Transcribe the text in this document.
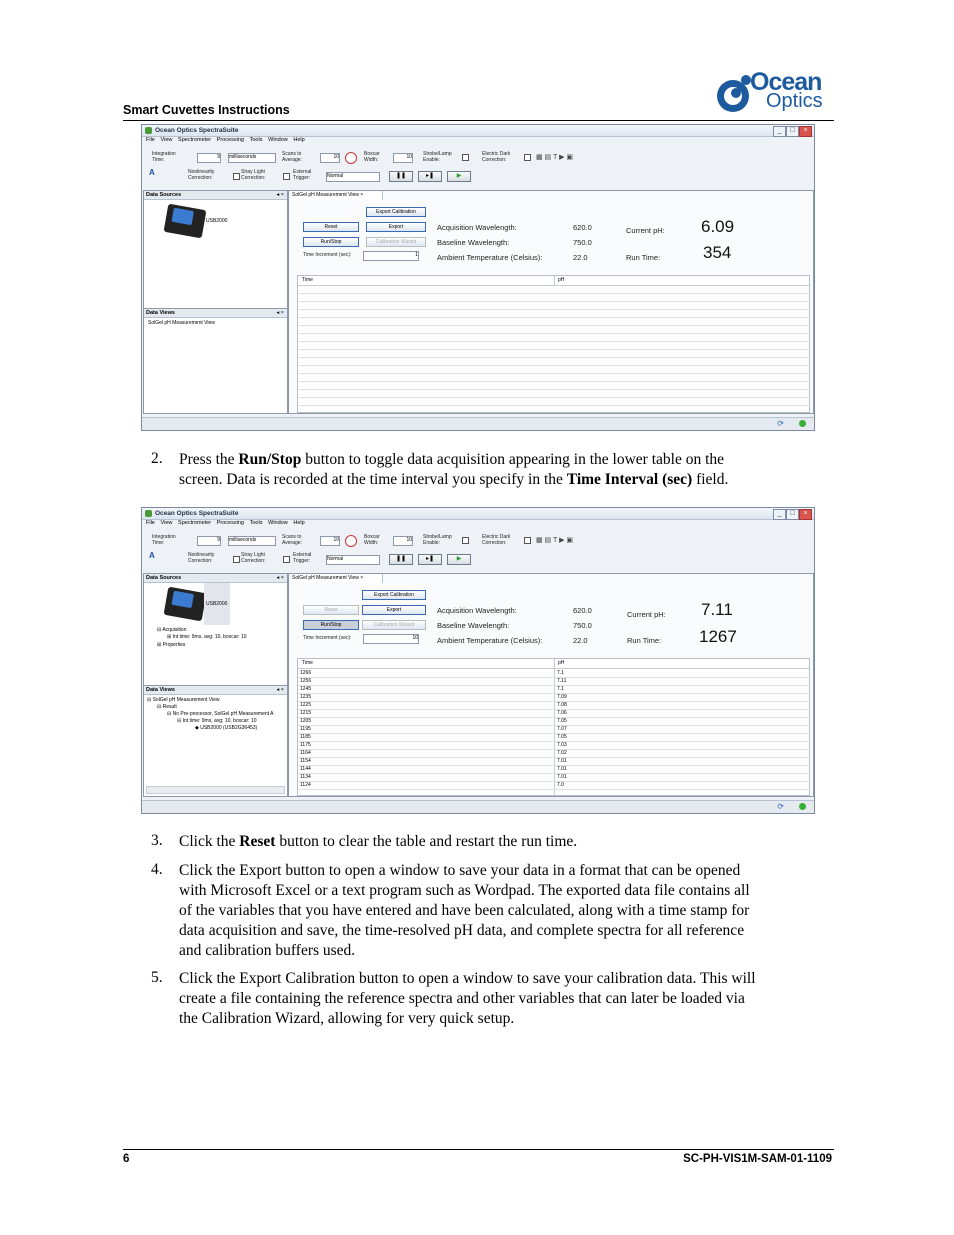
Smart Cuvettes Instructions
Ocean
Optics
Ocean Optics SpectraSuite	_	□	×
File View Spectrometer Processing Tools Window Help
Integration Time:	9 milliseconds	Scans to Average:	10	Boxcar Width:	10 Strobe/Lamp Enable:
Electric Dark Correction:	▦ ▤ T ▶ ▣
A	Nonlinearity Correction:
Stray Light Correction:
External Trigger:	Normal	❚❚	▸❚	▶
Data Sources	◂ ×
USB2000
Data Views	◂ ×
SolGel pH Measurement View
SolGel pH Measurement View ×
Export Calibration
Reset	Export
Run/Stop	Calibration Wizard
Time Increment (sec):	1
Acquisition Wavelength:	620.0
Baseline Wavelength:	750.0
Ambient Temperature (Celsius):	22.0
Current pH: 6.09
Run Time:	354
Time	pH
⟳
2. Press the Run/Stop button to toggle data acquisition appearing in the lower table on the
screen. Data is recorded at the time interval you specify in the Time Interval (sec) field.
Ocean Optics SpectraSuite	_	□	×
File View Spectrometer Processing Tools Window Help
Integration Time:	9 milliseconds	Scans to Average:	10	Boxcar Width:	10 Strobe/Lamp Enable:
Electric Dark Correction:	▦ ▤ T ▶ ▣
A	Nonlinearity Correction:
Stray Light Correction:
External Trigger:	Normal	❚❚	▸❚	▶
Data Sources	◂ ×
USB2000
⊟ Acquisition
⊞ Int time: 9ms, avg: 10, boxcar: 10
⊞ Properties
Data Views	◂ ×
⊟ SolGel pH Measurement View
⊟ Result
⊟ No Pre-processor, SolGel pH Measurement A
⊟ Int time: 9ms, avg: 10, boxcar: 10
◆ USB2000 (USB2G36453)
SolGel pH Measurement View ×
Export Calibration
Reset	Export
Run/Stop	Calibration Wizard
Time Increment (sec):	10
Acquisition Wavelength:	620.0
Baseline Wavelength:	750.0
Ambient Temperature (Celsius):	22.0
Current pH: 7.11
Run Time: 1267
Time	pH
1266	7.1
1256	7.11
1245	7.1
1235	7.09
1225	7.08
1215	7.06
1205	7.05
1195	7.07
1185	7.05
1175	7.03
1164	7.02
1154	7.01
1144	7.01
1134	7.01
1124	7.0
⟳
3. Click the Reset button to clear the table and restart the run time.
4. Click the Export button to open a window to save your data in a format that can be opened
with Microsoft Excel or a text program such as Wordpad. The exported data file contains all
of the variables that you have entered and have been calculated, along with a time stamp for
data acquisition and save, the time-resolved pH data, and complete spectra for all reference
and calibration buffers used.
5. Click the Export Calibration button to open a window to save your calibration data. This will
create a file containing the reference spectra and other variables that can later be loaded via
the Calibration Wizard, allowing for very quick setup.
6	SC-PH-VIS1M-SAM-01-1109
